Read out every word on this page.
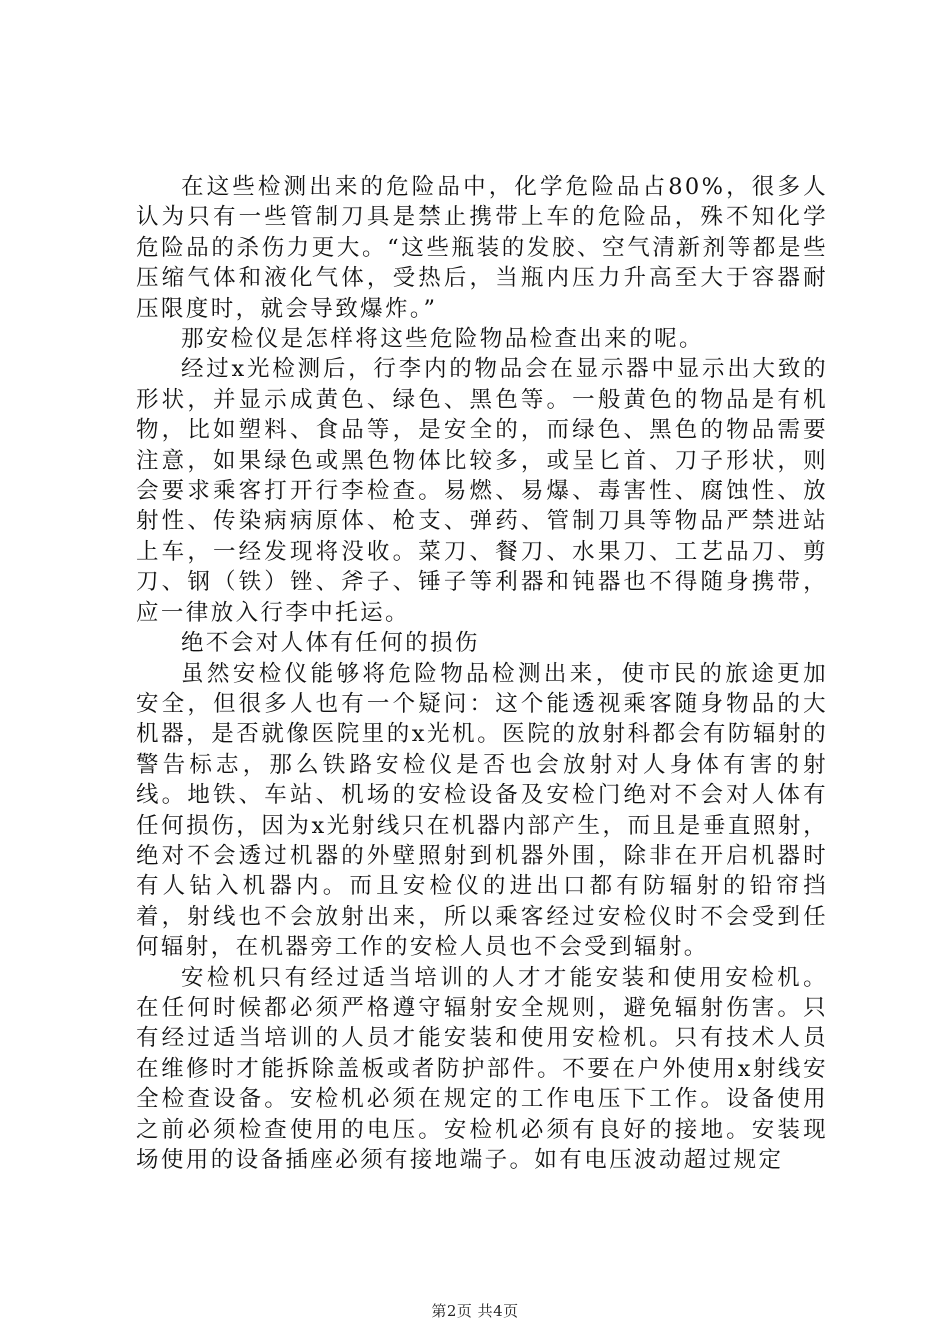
在这些检测出来的危险品中，化学危险品占80%，很多人认为只有一些管制刀具是禁止携带上车的危险品，殊不知化学危险品的杀伤力更大。“这些瓶装的发胶、空气清新剂等都是些压缩气体和液化气体，受热后，当瓶内压力升高至大于容器耐压限度时，就会导致爆炸。”

那安检仪是怎样将这些危险物品检查出来的呢。

经过x光检测后，行李内的物品会在显示器中显示出大致的形状，并显示成黄色、绿色、黑色等。一般黄色的物品是有机物，比如塑料、食品等，是安全的，而绿色、黑色的物品需要注意，如果绿色或黑色物体比较多，或呈匕首、刀子形状，则会要求乘客打开行李检查。易燃、易爆、毒害性、腐蚀性、放射性、传染病病原体、枪支、弹药、管制刀具等物品严禁进站上车，一经发现将没收。菜刀、餐刀、水果刀、工艺品刀、剪刀、钢（铁）锉、斧子、锤子等利器和钝器也不得随身携带，应一律放入行李中托运。

绝不会对人体有任何的损伤

虽然安检仪能够将危险物品检测出来，使市民的旅途更加安全，但很多人也有一个疑问：这个能透视乘客随身物品的大机器，是否就像医院里的x光机。医院的放射科都会有防辐射的警告标志，那么铁路安检仪是否也会放射对人身体有害的射线。地铁、车站、机场的安检设备及安检门绝对不会对人体有任何损伤，因为x光射线只在机器内部产生，而且是垂直照射，绝对不会透过机器的外壁照射到机器外围，除非在开启机器时有人钻入机器内。而且安检仪的进出口都有防辐射的铅帘挡着，射线也不会放射出来，所以乘客经过安检仪时不会受到任何辐射，在机器旁工作的安检人员也不会受到辐射。

安检机只有经过适当培训的人才才能安装和使用安检机。在任何时候都必须严格遵守辐射安全规则，避免辐射伤害。只有经过适当培训的人员才能安装和使用安检机。只有技术人员在维修时才能拆除盖板或者防护部件。不要在户外使用x射线安全检查设备。安检机必须在规定的工作电压下工作。设备使用之前必须检查使用的电压。安检机必须有良好的接地。安装现场使用的设备插座必须有接地端子。如有电压波动超过规定

第2页 共4页
